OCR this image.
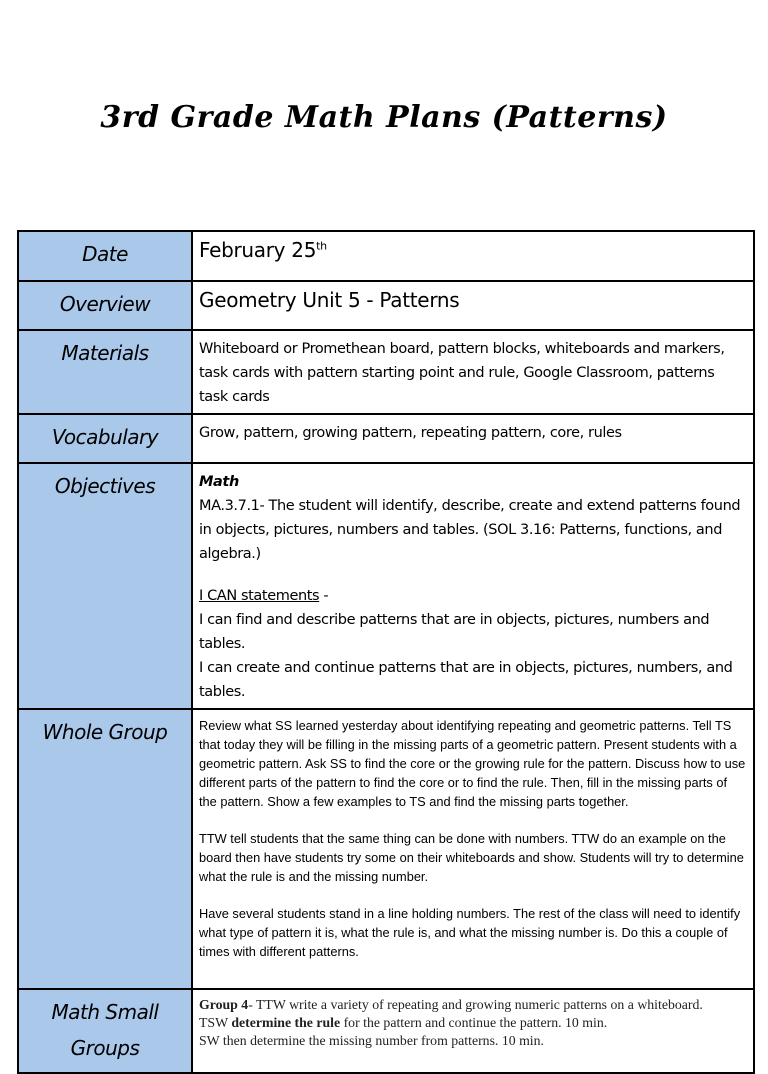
3rd Grade Math Plans (Patterns)
Date	February 25th
Overview	Geometry Unit 5 - Patterns
Materials	Whiteboard or Promethean board, pattern blocks, whiteboards and markers, task cards with pattern starting point and rule, Google Classroom, patterns task cards
Vocabulary	Grow, pattern, growing pattern, repeating pattern, core, rules
Objectives	Math

MA.3.7.1- The student will identify, describe, create and extend patterns found in objects, pictures, numbers and tables. (SOL 3.16: Patterns, functions, and algebra.)

I CAN statements -

I can find and describe patterns that are in objects, pictures, numbers and tables.

I can create and continue patterns that are in objects, pictures, numbers, and tables.

Whole Group	Review what SS learned yesterday about identifying repeating and geometric patterns. Tell TS that today they will be filling in the missing parts of a geometric pattern. Present students with a geometric pattern. Ask SS to find the core or the growing rule for the pattern. Discuss how to use different parts of the pattern to find the core or to find the rule. Then, fill in the missing parts of the pattern. Show a few examples to TS and find the missing parts together.

TTW tell students that the same thing can be done with numbers. TTW do an example on the board then have students try some on their whiteboards and show. Students will try to determine what the rule is and the missing number.

Have several students stand in a line holding numbers. The rest of the class will need to identify what type of pattern it is, what the rule is, and what the missing number is. Do this a couple of times with different patterns.

Math Small Groups	Group 4- TTW write a variety of repeating and growing numeric patterns on a whiteboard.

TSW determine the rule for the pattern and continue the pattern. 10 min.

SW then determine the missing number from patterns. 10 min.
